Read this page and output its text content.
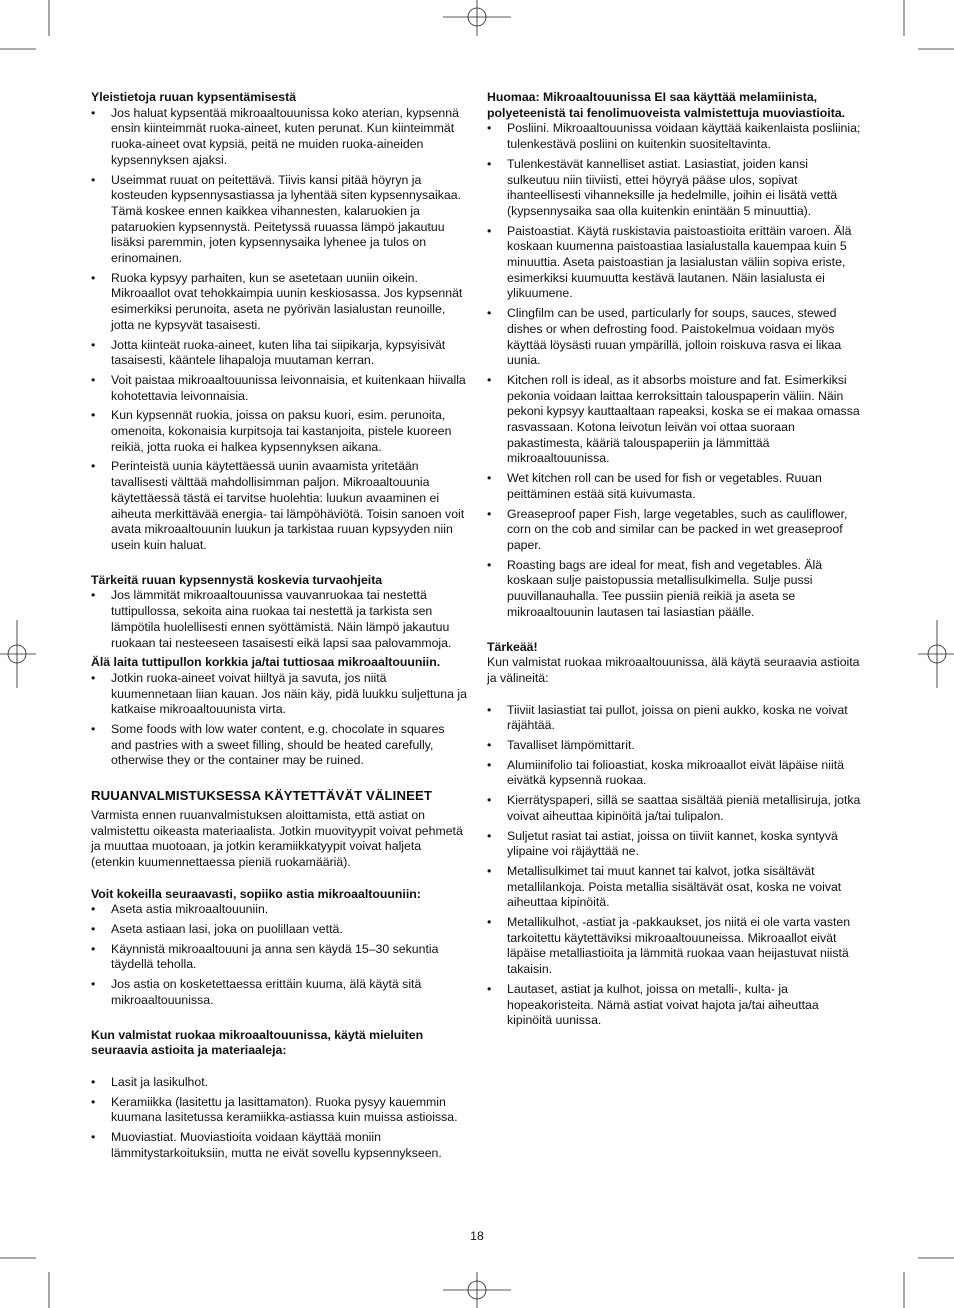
Yleistietoja ruuan kypsentämisestä

• Jos haluat kypsentää mikroaaltouunissa koko aterian, kypsennä ensin kiinteimmät ruoka-aineet, kuten perunat. Kun kiinteimmät ruoka-aineet ovat kypsiä, peitä ne muiden ruoka-aineiden kypsennyksen ajaksi.
• Useimmat ruuat on peitettävä. Tiivis kansi pitää höyryn ja kosteuden kypsennysastiassa ja lyhentää siten kypsennysaikaa. Tämä koskee ennen kaikkea vihannesten, kalaruokien ja pataruokien kypsennystä. Peitetyssä ruuassa lämpö jakautuu lisäksi paremmin, joten kypsennysaika lyhenee ja tulos on erinomainen.
• Ruoka kypsyy parhaiten, kun se asetetaan uuniin oikein. Mikroaallot ovat tehokkaimpia uunin keskiosassa. Jos kypsennät esimerkiksi perunoita, aseta ne pyörivän lasialustan reunoille, jotta ne kypsyvät tasaisesti.
• Jotta kiinteät ruoka-aineet, kuten liha tai siipikarja, kypsyisivät tasaisesti, kääntele lihapaloja muutaman kerran.
• Voit paistaa mikroaaltouunissa leivonnaisia, et kuitenkaan hiivalla kohotettavia leivonnaisia.
• Kun kypsennät ruokia, joissa on paksu kuori, esim. perunoita, omenoita, kokonaisia kurpitsoja tai kastanjoita, pistele kuoreen reikiä, jotta ruoka ei halkea kypsennyksen aikana.
• Perinteistä uunia käytettäessä uunin avaamista yritetään tavallisesti välttää mahdollisimman paljon. Mikroaaltouunia käytettäessä tästä ei tarvitse huolehtia: luukun avaaminen ei aiheuta merkittävää energia- tai lämpöhäviötä. Toisin sanoen voit avata mikroaaltouunin luukun ja tarkistaa ruuan kypsyyden niin usein kuin haluat.

Tärkeitä ruuan kypsennystä koskevia turvaohjeita

• Jos lämmität mikroaaltouunissa vauvanruokaa tai nestettä tuttipullossa, sekoita aina ruokaa tai nestettä ja tarkista sen lämpötila huolellisesti ennen syöttämistä. Näin lämpö jakautuu ruokaan tai nesteeseen tasaisesti eikä lapsi saa palovammoja.

Älä laita tuttipullon korkkia ja/tai tuttiosaa mikroaaltouuniin.

• Jotkin ruoka-aineet voivat hiiltyä ja savuta, jos niitä kuumennetaan liian kauan. Jos näin käy, pidä luukku suljettuna ja katkaise mikroaaltouunista virta.
• Some foods with low water content, e.g. chocolate in squares and pastries with a sweet filling, should be heated carefully, otherwise they or the container may be ruined.

RUUANVALMISTUKSESSA KÄYTETTÄVÄT VÄLINEET

Varmista ennen ruuanvalmistuksen aloittamista, että astiat on valmistettu oikeasta materiaalista. Jotkin muovityypit voivat pehmetä ja muuttaa muotoaan, ja jotkin keramiikkatyypit voivat haljeta (etenkin kuumennettaessa pieniä ruokamääriä).

Voit kokeilla seuraavasti, sopiiko astia mikroaaltouuniin:

• Aseta astia mikroaaltouuniin.
• Aseta astiaan lasi, joka on puolillaan vettä.
• Käynnistä mikroaaltouuni ja anna sen käydä 15–30 sekuntia täydellä teholla.
• Jos astia on kosketettaessa erittäin kuuma, älä käytä sitä mikroaaltouunissa.

Kun valmistat ruokaa mikroaaltouunissa, käytä mieluiten seuraavia astioita ja materiaaleja:

• Lasit ja lasikulhot.
• Keramiikka (lasitettu ja lasittamaton). Ruoka pysyy kauemmin kuumana lasitetussa keramiikka-astiassa kuin muissa astioissa.
• Muoviastiat. Muoviastioita voidaan käyttää moniin lämmitystarkoituksiin, mutta ne eivät sovellu kypsennykseen.

Huomaa: Mikroaaltouunissa EI saa käyttää melamiinista, polyeteenistä tai fenolimuoveista valmistettuja muoviastioita.

• Posliini. Mikroaaltouunissa voidaan käyttää kaikenlaista posliinia; tulenkestävä posliini on kuitenkin suositeltavinta.
• Tulenkestävät kannelliset astiat. Lasiastiat, joiden kansi sulkeutuu niin tiiviisti, ettei höyryä pääse ulos, sopivat ihanteellisesti vihanneksille ja hedelmille, joihin ei lisätä vettä (kypsennysaika saa olla kuitenkin enintään 5 minuuttia).
• Paistoastiat. Käytä ruskistavia paistoastioita erittäin varoen. Älä koskaan kuumenna paistoastiaa lasialustalla kauempaa kuin 5 minuuttia. Aseta paistoastian ja lasialustan väliin sopiva eriste, esimerkiksi kuumuutta kestävä lautanen. Näin lasialusta ei ylikuumene.
• Clingfilm can be used, particularly for soups, sauces, stewed dishes or when defrosting food. Paistokelmua voidaan myös käyttää löysästi ruuan ympärillä, jolloin roiskuva rasva ei likaa uunia.
• Kitchen roll is ideal, as it absorbs moisture and fat. Esimerkiksi pekonia voidaan laittaa kerroksittain talouspaperin väliin. Näin pekoni kypsyy kauttaaltaan rapeaksi, koska se ei makaa omassa rasvassaan. Kotona leivotun leivän voi ottaa suoraan pakastimesta, kääriä talouspaperiin ja lämmittää mikroaaltouunissa.
• Wet kitchen roll can be used for fish or vegetables. Ruuan peittäminen estää sitä kuivumasta.
• Greaseproof paper Fish, large vegetables, such as cauliflower, corn on the cob and similar can be packed in wet greaseproof paper.
• Roasting bags are ideal for meat, fish and vegetables. Älä koskaan sulje paistopussia metallisulkimella. Sulje pussi puuvillanauhalla. Tee pussiin pieniä reikiä ja aseta se mikroaaltouunin lautasen tai lasiastian päälle.

Tärkeää!

Kun valmistat ruokaa mikroaaltouunissa, älä käytä seuraavia astioita ja välineitä:

• Tiiviit lasiastiat tai pullot, joissa on pieni aukko, koska ne voivat räjähtää.
• Tavalliset lämpömittarit.
• Alumiinifolio tai folioastiat, koska mikroaallot eivät läpäise niitä eivätkä kypsennä ruokaa.
• Kierrätyspaperi, sillä se saattaa sisältää pieniä metallisiruja, jotka voivat aiheuttaa kipinöitä ja/tai tulipalon.
• Suljetut rasiat tai astiat, joissa on tiiviit kannet, koska syntyvä ylipaine voi räjäyttää ne.
• Metallisulkimet tai muut kannet tai kalvot, jotka sisältävät metallilankoja. Poista metallia sisältävät osat, koska ne voivat aiheuttaa kipinöitä.
• Metallikulhot, -astiat ja -pakkaukset, jos niitä ei ole varta vasten tarkoitettu käytettäviksi mikroaaltouuneissa. Mikroaallot eivät läpäise metalliastioita ja lämmitä ruokaa vaan heijastuvat niistä takaisin.
• Lautaset, astiat ja kulhot, joissa on metalli-, kulta- ja hopeakoristeita. Nämä astiat voivat hajota ja/tai aiheuttaa kipinöitä uunissa.
18
